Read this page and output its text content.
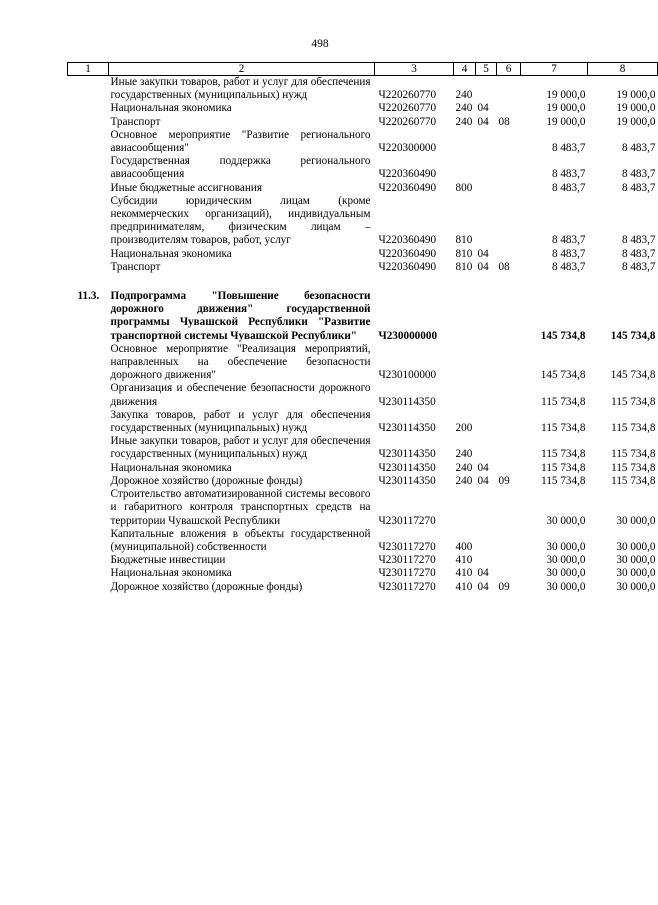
498
1	2	3	4	5	6	7	8
	Иные закупки товаров, работ и услуг для обеспечения государственных (муниципальных) нужд	Ч220260770	240			19 000,0	19 000,0
	Национальная экономика	Ч220260770	240	04		19 000,0	19 000,0
	Транспорт	Ч220260770	240	04	08	19 000,0	19 000,0
	Основное мероприятие "Развитие регионального авиасообщения"	Ч220300000				8 483,7	8 483,7
	Государственная поддержка регионального авиасообщения	Ч220360490				8 483,7	8 483,7
	Иные бюджетные ассигнования	Ч220360490	800			8 483,7	8 483,7
	Субсидии юридическим лицам (кроме некоммерческих организаций), индивидуальным предпринимателям, физическим лицам – производителям товаров, работ, услуг	Ч220360490	810			8 483,7	8 483,7
	Национальная экономика	Ч220360490	810	04		8 483,7	8 483,7
	Транспорт	Ч220360490	810	04	08	8 483,7	8 483,7

11.3.	Подпрограмма "Повышение безопасности дорожного движения" государственной программы Чувашской Республики "Развитие транспортной системы Чувашской Республики"	Ч230000000				145 734,8	145 734,8
	Основное мероприятие "Реализация мероприятий, направленных на обеспечение безопасности дорожного движения"	Ч230100000				145 734,8	145 734,8
	Организация и обеспечение безопасности дорожного движения	Ч230114350				115 734,8	115 734,8
	Закупка товаров, работ и услуг для обеспечения государственных (муниципальных) нужд	Ч230114350	200			115 734,8	115 734,8
	Иные закупки товаров, работ и услуг для обеспечения государственных (муниципальных) нужд	Ч230114350	240			115 734,8	115 734,8
	Национальная экономика	Ч230114350	240	04		115 734,8	115 734,8
	Дорожное хозяйство (дорожные фонды)	Ч230114350	240	04	09	115 734,8	115 734,8
	Строительство автоматизированной системы весового и габаритного контроля транспортных средств на территории Чувашской Республики	Ч230117270				30 000,0	30 000,0
	Капитальные вложения в объекты государственной (муниципальной) собственности	Ч230117270	400			30 000,0	30 000,0
	Бюджетные инвестиции	Ч230117270	410			30 000,0	30 000,0
	Национальная экономика	Ч230117270	410	04		30 000,0	30 000,0
	Дорожное хозяйство (дорожные фонды)	Ч230117270	410	04	09	30 000,0	30 000,0
